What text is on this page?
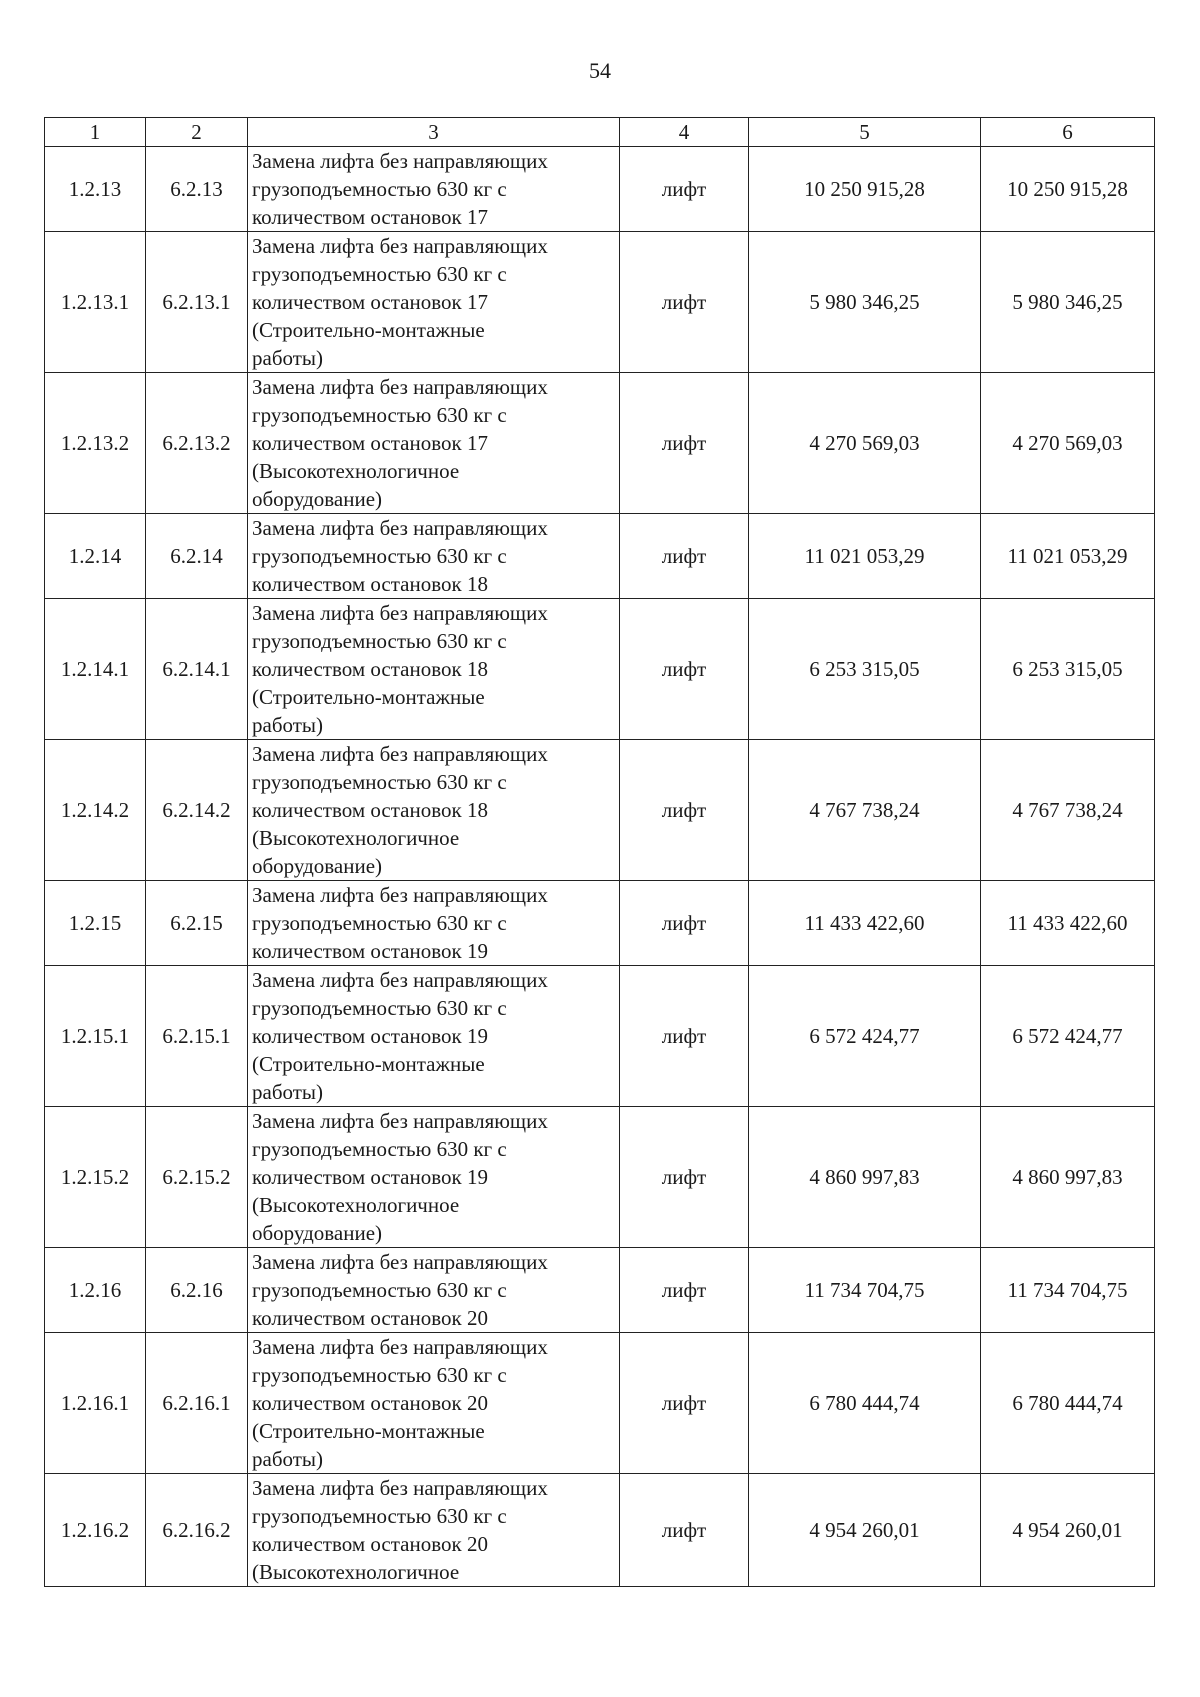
54
1	2	3	4	5	6
1.2.13	6.2.13	Замена лифта без направляющих
грузоподъемностью 630 кг с
количеством остановок 17	лифт	10 250 915,28	10 250 915,28
1.2.13.1	6.2.13.1	Замена лифта без направляющих
грузоподъемностью 630 кг с
количеством остановок 17
(Строительно-монтажные
работы)	лифт	5 980 346,25	5 980 346,25
1.2.13.2	6.2.13.2	Замена лифта без направляющих
грузоподъемностью 630 кг с
количеством остановок 17
(Высокотехнологичное
оборудование)	лифт	4 270 569,03	4 270 569,03
1.2.14	6.2.14	Замена лифта без направляющих
грузоподъемностью 630 кг с
количеством остановок 18	лифт	11 021 053,29	11 021 053,29
1.2.14.1	6.2.14.1	Замена лифта без направляющих
грузоподъемностью 630 кг с
количеством остановок 18
(Строительно-монтажные
работы)	лифт	6 253 315,05	6 253 315,05
1.2.14.2	6.2.14.2	Замена лифта без направляющих
грузоподъемностью 630 кг с
количеством остановок 18
(Высокотехнологичное
оборудование)	лифт	4 767 738,24	4 767 738,24
1.2.15	6.2.15	Замена лифта без направляющих
грузоподъемностью 630 кг с
количеством остановок 19	лифт	11 433 422,60	11 433 422,60
1.2.15.1	6.2.15.1	Замена лифта без направляющих
грузоподъемностью 630 кг с
количеством остановок 19
(Строительно-монтажные
работы)	лифт	6 572 424,77	6 572 424,77
1.2.15.2	6.2.15.2	Замена лифта без направляющих
грузоподъемностью 630 кг с
количеством остановок 19
(Высокотехнологичное
оборудование)	лифт	4 860 997,83	4 860 997,83
1.2.16	6.2.16	Замена лифта без направляющих
грузоподъемностью 630 кг с
количеством остановок 20	лифт	11 734 704,75	11 734 704,75
1.2.16.1	6.2.16.1	Замена лифта без направляющих
грузоподъемностью 630 кг с
количеством остановок 20
(Строительно-монтажные
работы)	лифт	6 780 444,74	6 780 444,74
1.2.16.2	6.2.16.2	Замена лифта без направляющих
грузоподъемностью 630 кг с
количеством остановок 20
(Высокотехнологичное	лифт	4 954 260,01	4 954 260,01
